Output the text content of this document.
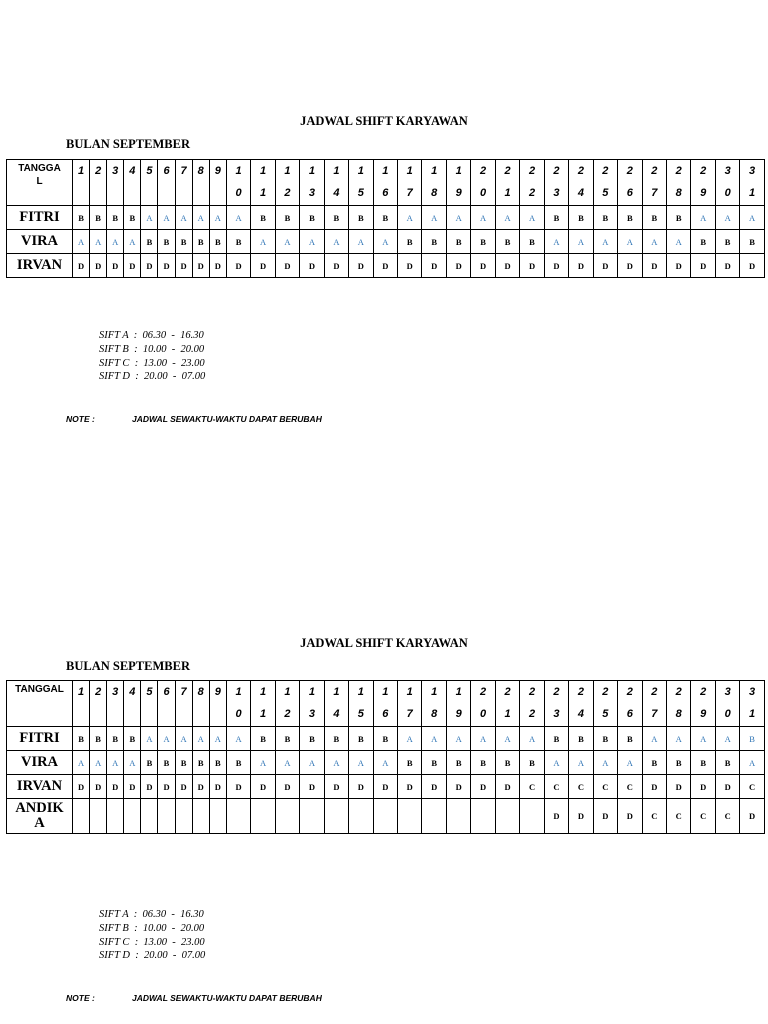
JADWAL SHIFT KARYAWAN
BULAN SEPTEMBER
TANGGA
L	1	2	3	4	5	6	7	8	9	1	1	1	1	1	1	1	1	1	1	2	2	2	2	2	2	2	2	2	2	3	3
										0	1	2	3	4	5	6	7	8	9	0	1	2	3	4	5	6	7	8	9	0	1
FITRI	B	B	B	B	A	A	A	A	A	A	B	B	B	B	B	B	A	A	A	A	A	A	B	B	B	B	B	B	A	A	A
VIRA	A	A	A	A	B	B	B	B	B	B	A	A	A	A	A	A	B	B	B	B	B	B	A	A	A	A	A	A	B	B	B
IRVAN	D	D	D	D	D	D	D	D	D	D	D	D	D	D	D	D	D	D	D	D	D	D	D	D	D	D	D	D	D	D	D
SIFT A  :  06.30  -  16.30
SIFT B  :  10.00  -  20.00
SIFT C  :  13.00  -  23.00
SIFT D  :  20.00  -  07.00
NOTE :	JADWAL SEWAKTU-WAKTU DAPAT BERUBAH
JADWAL SHIFT KARYAWAN
BULAN SEPTEMBER
TANGGAL	1	2	3	4	5	6	7	8	9	1	1	1	1	1	1	1	1	1	1	2	2	2	2	2	2	2	2	2	2	3	3
										0	1	2	3	4	5	6	7	8	9	0	1	2	3	4	5	6	7	8	9	0	1
FITRI	B	B	B	B	A	A	A	A	A	A	B	B	B	B	B	B	A	A	A	A	A	A	B	B	B	B	A	A	A	A	B
VIRA	A	A	A	A	B	B	B	B	B	B	A	A	A	A	A	A	B	B	B	B	B	B	A	A	A	A	B	B	B	B	A
IRVAN	D	D	D	D	D	D	D	D	D	D	D	D	D	D	D	D	D	D	D	D	D	C	C	C	C	C	D	D	D	D	C
ANDIK
A																							D	D	D	D	C	C	C	C	D
SIFT A  :  06.30  -  16.30
SIFT B  :  10.00  -  20.00
SIFT C  :  13.00  -  23.00
SIFT D  :  20.00  -  07.00
NOTE :	JADWAL SEWAKTU-WAKTU DAPAT BERUBAH
